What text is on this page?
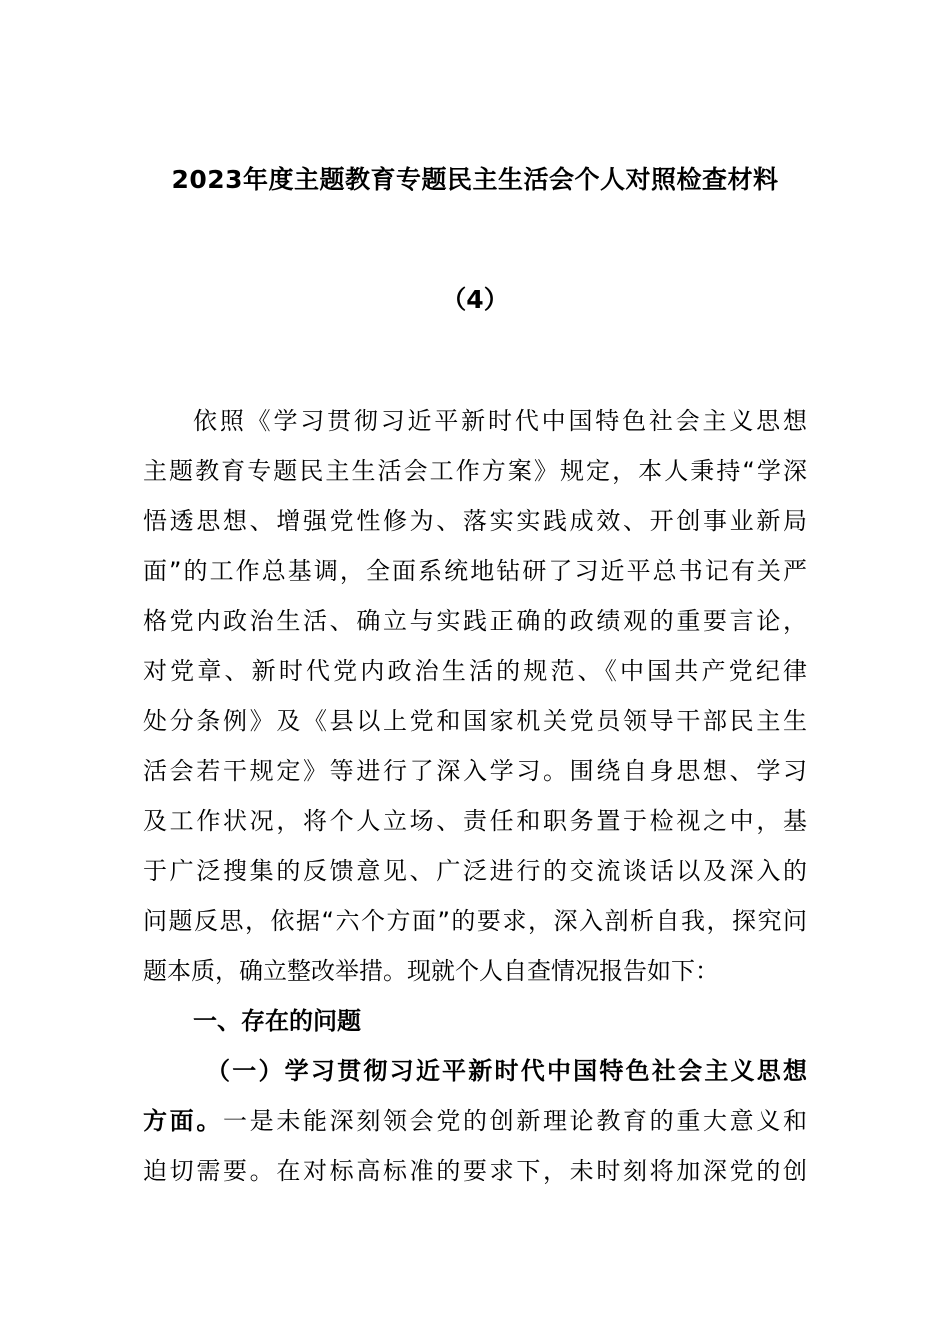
2023年度主题教育专题民主生活会个人对照检查材料
（4）
依照《学习贯彻习近平新时代中国特色社会主义思想
主题教育专题民主生活会工作方案》规定，本人秉持“学深
悟透思想、增强党性修为、落实实践成效、开创事业新局
面”的工作总基调，全面系统地钻研了习近平总书记有关严
格党内政治生活、确立与实践正确的政绩观的重要言论，
对党章、新时代党内政治生活的规范、《中国共产党纪律
处分条例》及《县以上党和国家机关党员领导干部民主生
活会若干规定》等进行了深入学习。围绕自身思想、学习
及工作状况，将个人立场、责任和职务置于检视之中，基
于广泛搜集的反馈意见、广泛进行的交流谈话以及深入的
问题反思，依据“六个方面”的要求，深入剖析自我，探究问
题本质，确立整改举措。现就个人自查情况报告如下：
一、存在的问题
（一）学习贯彻习近平新时代中国特色社会主义思想
方面。一是未能深刻领会党的创新理论教育的重大意义和
迫切需要。在对标高标准的要求下，未时刻将加深党的创
